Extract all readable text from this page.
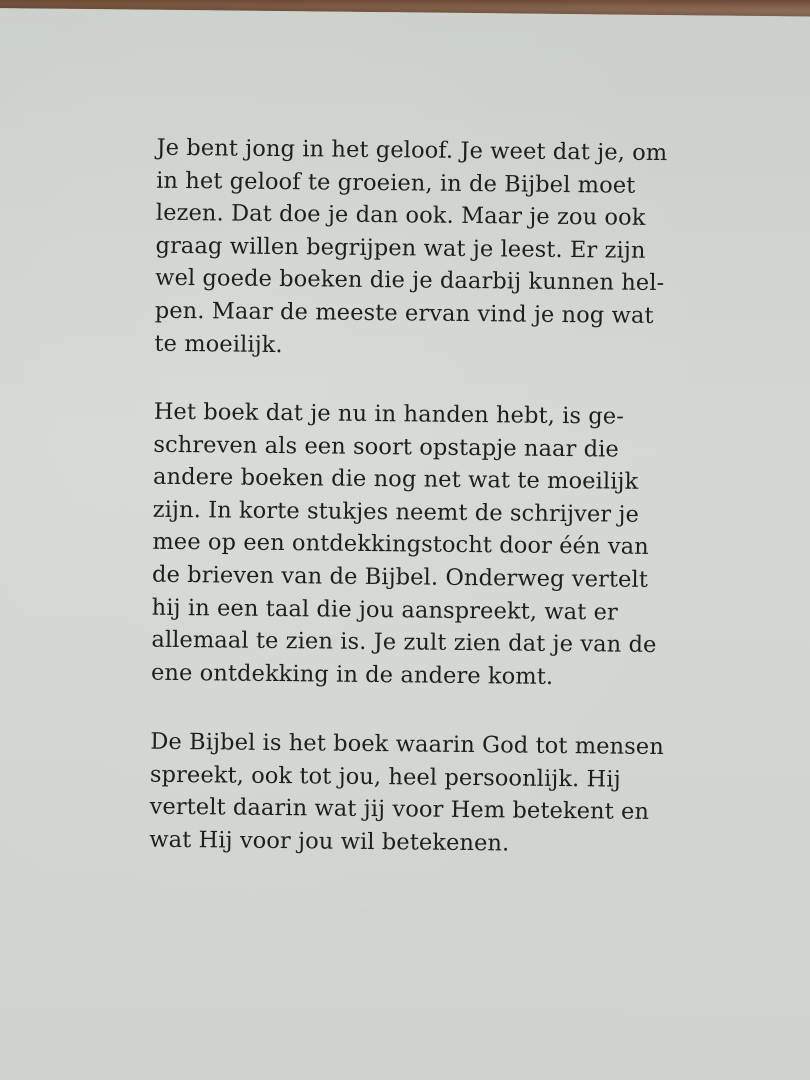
Je bent jong in het geloof. Je weet dat je, om
in het geloof te groeien, in de Bijbel moet
lezen. Dat doe je dan ook. Maar je zou ook
graag willen begrijpen wat je leest. Er zijn
wel goede boeken die je daarbij kunnen hel-
pen. Maar de meeste ervan vind je nog wat
te moeilijk.

Het boek dat je nu in handen hebt, is ge-
schreven als een soort opstapje naar die
andere boeken die nog net wat te moeilijk
zijn. In korte stukjes neemt de schrijver je
mee op een ontdekkingstocht door één van
de brieven van de Bijbel. Onderweg vertelt
hij in een taal die jou aanspreekt, wat er
allemaal te zien is. Je zult zien dat je van de
ene ontdekking in de andere komt.

De Bijbel is het boek waarin God tot mensen
spreekt, ook tot jou, heel persoonlijk. Hij
vertelt daarin wat jij voor Hem betekent en
wat Hij voor jou wil betekenen.
